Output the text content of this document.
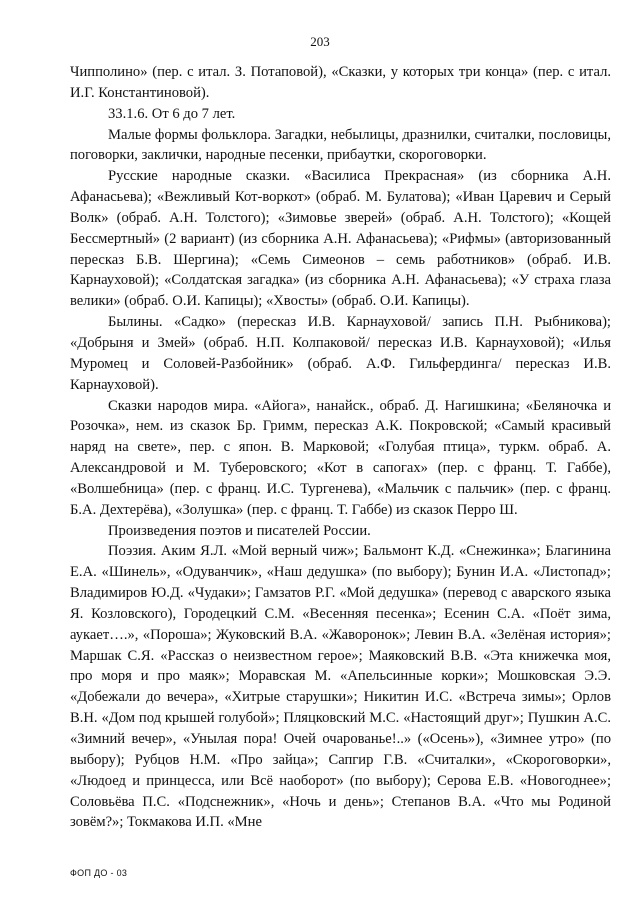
203

Чипполино» (пер. с итал. З. Потаповой), «Сказки, у которых три конца» (пер. с итал. И.Г. Константиновой).

33.1.6. От 6 до 7 лет.

Малые формы фольклора. Загадки, небылицы, дразнилки, считалки, пословицы, поговорки, заклички, народные песенки, прибаутки, скороговорки.

Русские народные сказки. «Василиса Прекрасная» (из сборника А.Н. Афанасьева); «Вежливый Кот-воркот» (обраб. М. Булатова); «Иван Царевич и Серый Волк» (обраб. А.Н. Толстого); «Зимовье зверей» (обраб. А.Н. Толстого); «Кощей Бессмертный» (2 вариант) (из сборника А.Н. Афанасьева); «Рифмы» (авторизованный пересказ Б.В. Шергина); «Семь Симеонов – семь работников» (обраб. И.В. Карнауховой); «Солдатская загадка» (из сборника А.Н. Афанасьева); «У страха глаза велики» (обраб. О.И. Капицы); «Хвосты» (обраб. О.И. Капицы).

Былины. «Садко» (пересказ И.В. Карнауховой/ запись П.Н. Рыбникова); «Добрыня и Змей» (обраб. Н.П. Колпаковой/ пересказ И.В. Карнауховой); «Илья Муромец и Соловей-Разбойник» (обраб. А.Ф. Гильфердинга/ пересказ И.В. Карнауховой).

Сказки народов мира. «Айога», нанайск., обраб. Д. Нагишкина; «Беляночка и Розочка», нем. из сказок Бр. Гримм, пересказ А.К. Покровской; «Самый красивый наряд на свете», пер. с япон. В. Марковой; «Голубая птица», туркм. обраб. А. Александровой и М. Туберовского; «Кот в сапогах» (пер. с франц. Т. Габбе), «Волшебница» (пер. с франц. И.С. Тургенева), «Мальчик с пальчик» (пер. с франц. Б.А. Дехтерёва), «Золушка» (пер. с франц. Т. Габбе) из сказок Перро Ш.

Произведения поэтов и писателей России.

Поэзия. Аким Я.Л. «Мой верный чиж»; Бальмонт К.Д. «Снежинка»; Благинина Е.А. «Шинель», «Одуванчик», «Наш дедушка» (по выбору); Бунин И.А. «Листопад»; Владимиров Ю.Д. «Чудаки»; Гамзатов Р.Г. «Мой дедушка» (перевод с аварского языка Я. Козловского), Городецкий С.М. «Весенняя песенка»; Есенин С.А. «Поёт зима, аукает….», «Пороша»; Жуковский В.А. «Жаворонок»; Левин В.А. «Зелёная история»; Маршак С.Я. «Рассказ о неизвестном герое»; Маяковский В.В. «Эта книжечка моя, про моря и про маяк»; Моравская М. «Апельсинные корки»; Мошковская Э.Э. «Добежали до вечера», «Хитрые старушки»; Никитин И.С. «Встреча зимы»; Орлов В.Н. «Дом под крышей голубой»; Пляцковский М.С. «Настоящий друг»; Пушкин А.С. «Зимний вечер», «Унылая пора! Очей очарованье!..» («Осень»), «Зимнее утро» (по выбору); Рубцов Н.М. «Про зайца»; Сапгир Г.В. «Считалки», «Скороговорки», «Людоед и принцесса, или Всё наоборот» (по выбору); Серова Е.В. «Новогоднее»; Соловьёва П.С. «Подснежник», «Ночь и день»; Степанов В.А. «Что мы Родиной зовём?»; Токмакова И.П. «Мне

ФОП ДО - 03
